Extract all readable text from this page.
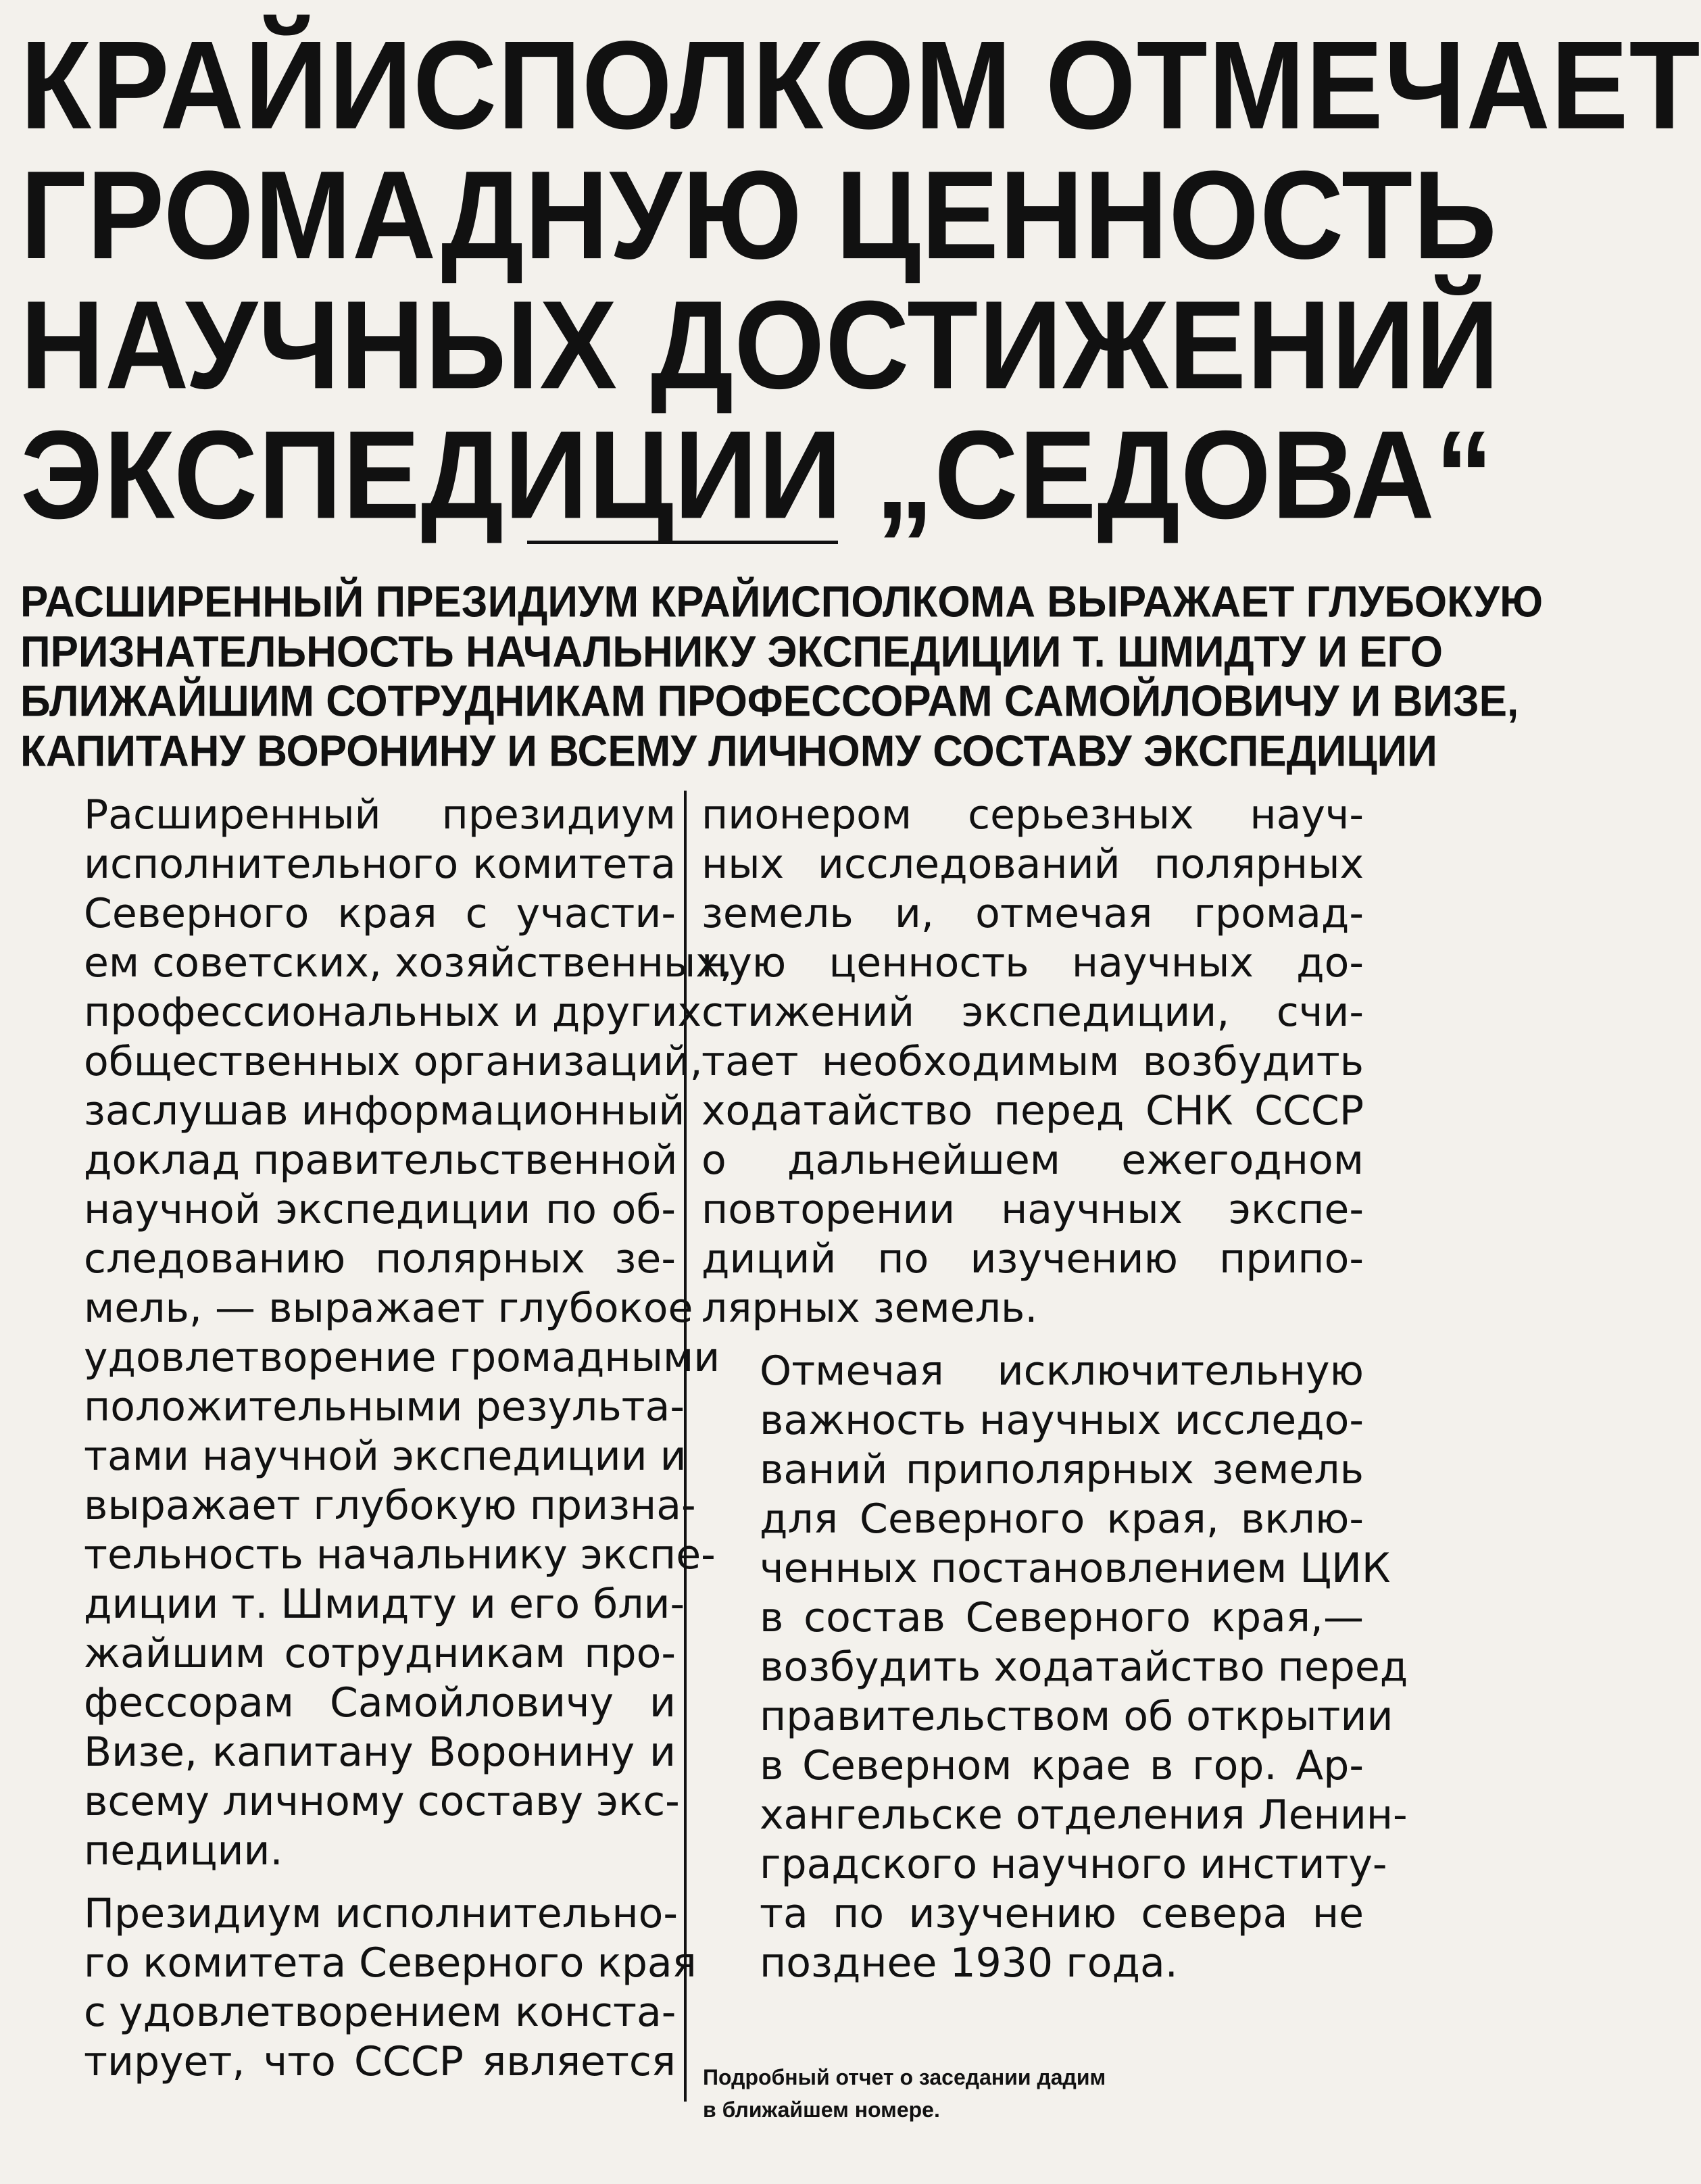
КРАЙИСПОЛКОМ ОТМЕЧАЕТ
ГРОМАДНУЮ ЦЕННОСТЬ
НАУЧНЫХ ДОСТИЖЕНИЙ
ЭКСПЕДИЦИИ „СЕДОВА“
РАСШИРЕННЫЙ ПРЕЗИДИУМ КРАЙИСПОЛКОМА ВЫРАЖАЕТ ГЛУБОКУЮ
ПРИЗНАТЕЛЬНОСТЬ НАЧАЛЬНИКУ ЭКСПЕДИЦИИ Т. ШМИДТУ И ЕГО
БЛИЖАЙШИМ СОТРУДНИКАМ ПРОФЕССОРАМ САМОЙЛОВИЧУ И ВИЗЕ,
КАПИТАНУ ВОРОНИНУ И ВСЕМУ ЛИЧНОМУ СОСТАВУ ЭКСПЕДИЦИИ

Расширенный президиум
исполнительного комитета
Северного края с участи-
ем советских, хозяйственных,
профессиональных и других
общественных организаций,
заслушав информационный
доклад правительственной
научной экспедиции по об-
следованию полярных зе-
мель, — выражает глубокое
удовлетворение громадными
положительными результа-
тами научной экспедиции и
выражает глубокую призна-
тельность начальнику экспе-
диции т. Шмидту и его бли-
жайшим сотрудникам про-
фессорам Самойловичу и
Визе, капитану Воронину и
всему личному составу экс-
педиции.

Президиум исполнительно-
го комитета Северного края
с удовлетворением конста-
тирует, что СССР является

пионером серьезных науч-
ных исследований полярных
земель и, отмечая громад-
ную ценность научных до-
стижений экспедиции, счи-
тает необходимым возбудить
ходатайство перед СНК СССР
о дальнейшем ежегодном
повторении научных экспе-
диций по изучению припо-
лярных земель.

Отмечая исключительную
важность научных исследо-
ваний приполярных земель
для Северного края, вклю-
ченных постановлением ЦИК
в состав Северного края,—
возбудить ходатайство перед
правительством об открытии
в Северном крае в гор. Ар-
хангельске отделения Ленин-
градского научного институ-
та по изучению севера не
позднее 1930 года.

Подробный отчет о заседании дадим
в ближайшем номере.
